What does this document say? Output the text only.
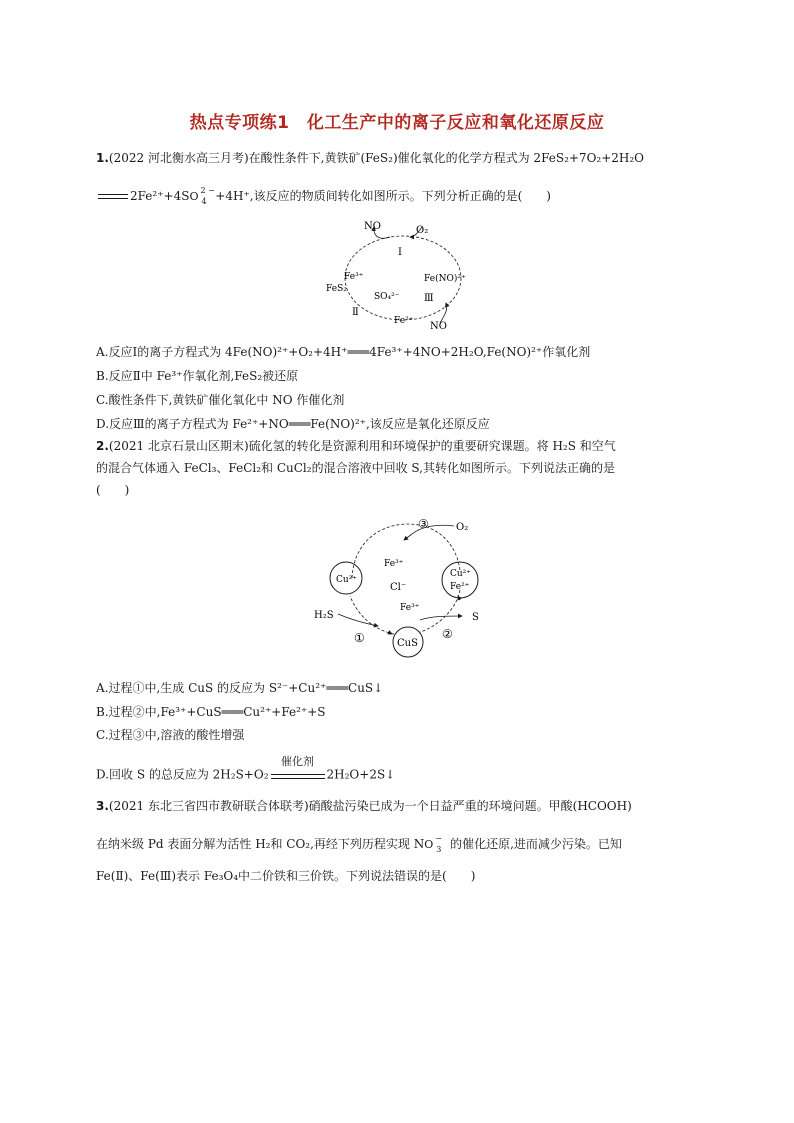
热点专项练1　化工生产中的离子反应和氧化还原反应
1.(2022 河北衡水高三月考)在酸性条件下,黄铁矿(FeS₂)催化氧化的化学方程式为 2FeS₂+7O₂+2H₂O
2Fe²⁺+4S O 2 −
4 +4H⁺,该反应的物质间转化如图所示。下列分析正确的是(　　)
NO	O₂
Ⅰ
Fe³⁺
FeS₂
SO₄²⁻
Ⅱ
Fe²⁺
Fe(NO)²⁺
Ⅲ
NO
A.反应Ⅰ的离子方程式为 4Fe(NO)²⁺+O₂+4H⁺═══4Fe³⁺+4NO+2H₂O,Fe(NO)²⁺作氧化剂
B.反应Ⅱ中 Fe³⁺作氧化剂,FeS₂被还原
C.酸性条件下,黄铁矿催化氧化中 NO 作催化剂
D.反应Ⅲ的离子方程式为 Fe²⁺+NO═══Fe(NO)²⁺,该反应是氧化还原反应
2.(2021 北京石景山区期末)硫化氢的转化是资源利用和环境保护的重要研究课题。将 H₂S 和空气
的混合气体通入 FeCl₃、FeCl₂和 CuCl₂的混合溶液中回收 S,其转化如图所示。下列说法正确的是
(　　)
③	O₂
Fe³⁺
Cl⁻
Cu²⁺
Cu²⁺
Fe²⁺
Fe³⁺
H₂S
①	CuS
②
S
A.过程①中,生成 CuS 的反应为 S²⁻+Cu²⁺═══CuS↓
B.过程②中,Fe³⁺+CuS═══Cu²⁺+Fe²⁺+S
C.过程③中,溶液的酸性增强
D.回收 S 的总反应为 2H₂S+O₂
催化剂
2H₂O+2S↓
3.(2021 东北三省四市教研联合体联考)硝酸盐污染已成为一个日益严重的环境问题。甲酸(HCOOH)
在纳米级 Pd 表面分解为活性 H₂和 CO₂,再经下列历程实现 N O −
3 的催化还原,进而减少污染。已知
Fe(Ⅱ)、Fe(Ⅲ)表示 Fe₃O₄中二价铁和三价铁。下列说法错误的是(　　)
